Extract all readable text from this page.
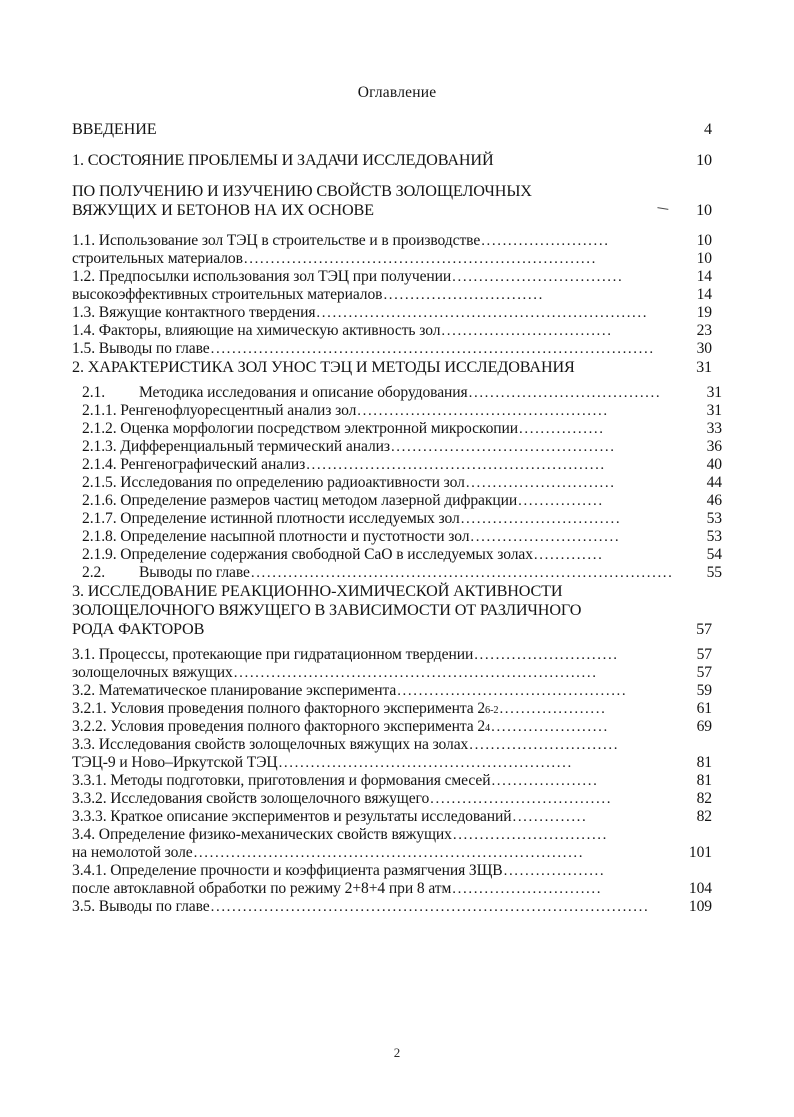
Оглавление
ВВЕДЕНИЕ	4
1. СОСТОЯНИЕ ПРОБЛЕМЫ И ЗАДАЧИ ИССЛЕДОВАНИЙ	10
ПО ПОЛУЧЕНИЮ И ИЗУЧЕНИЮ СВОЙСТВ ЗОЛОЩЕЛОЧНЫХ
ВЯЖУЩИХ И БЕТОНОВ НА ИХ ОСНОВЕ	10
1.1. Использование зол ТЭЦ в строительстве и в производстве ........................	10
строительных материалов ..................................................................	10
1.2. Предпосылки использования зол ТЭЦ при получении ................................	14
высокоэффективных строительных материалов ..............................	14
1.3. Вяжущие контактного твердения ..............................................................	19
1.4. Факторы, влияющие на химическую активность зол ................................	23
1.5. Выводы по главе ...................................................................................	30
2. ХАРАКТЕРИСТИКА ЗОЛ УНОС ТЭЦ И МЕТОДЫ ИССЛЕДОВАНИЯ	31
2.1. Методика исследования и описание оборудования ....................................	31
2.1.1. Ренгенофлуоресцентный анализ зол ...............................................	31
2.1.2. Оценка морфологии посредством электронной микроскопии ................	33
2.1.3. Дифференциальный термический анализ ..........................................	36
2.1.4. Ренгенографический анализ ........................................................	40
2.1.5. Исследования по определению радиоактивности зол ............................	44
2.1.6. Определение размеров частиц методом лазерной дифракции ................	46
2.1.7. Определение истинной плотности исследуемых зол ..............................	53
2.1.8. Определение насыпной плотности и пустотности зол ............................	53
2.1.9. Определение содержания свободной CaO в исследуемых золах .............	54
2.2. Выводы по главе ...............................................................................	55
3. ИССЛЕДОВАНИЕ РЕАКЦИОННО-ХИМИЧЕСКОЙ АКТИВНОСТИ
ЗОЛОЩЕЛОЧНОГО ВЯЖУЩЕГО В ЗАВИСИМОСТИ ОТ РАЗЛИЧНОГО
РОДА ФАКТОРОВ	57
3.1. Процессы, протекающие при гидратационном твердении ...........................	57
золощелочных вяжущих ....................................................................	57
3.2. Математическое планирование эксперимента ...........................................	59
3.2.1. Условия проведения полного факторного эксперимента 2 6-2 ....................	61
3.2.2. Условия проведения полного факторного эксперимента 2 4 ......................	69
3.3. Исследования свойств золощелочных вяжущих на золах ............................
ТЭЦ-9 и Ново–Иркутской ТЭЦ .......................................................	81
3.3.1. Методы подготовки, приготовления и формования смесей ....................	81
3.3.2. Исследования свойств золощелочного вяжущего ..................................	82
3.3.3. Краткое описание экспериментов и результаты исследований ..............	82
3.4. Определение физико-механических свойств вяжущих .............................
на немолотой золе .........................................................................	101
3.4.1. Определение прочности и коэффициента размягчения ЗЩВ ...................
после автоклавной обработки по режиму 2+8+4 при 8 атм ............................	104
3.5. Выводы по главе ..................................................................................	109
2
